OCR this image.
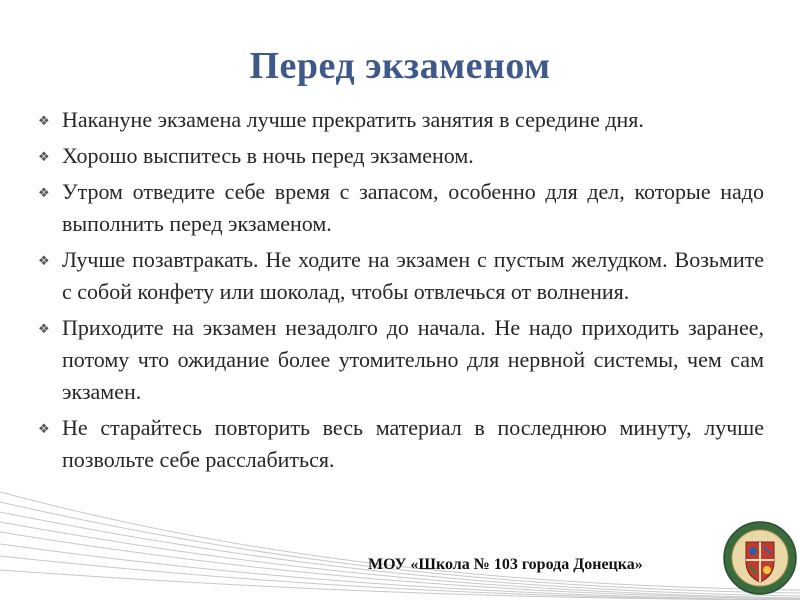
Перед экзаменом
❖ Накануне экзамена лучше прекратить занятия в середине дня.
❖ Хорошо выспитесь в ночь перед экзаменом.
❖ Утром отведите себе время с запасом, особенно для дел, которые надо выполнить перед экзаменом.
❖ Лучше позавтракать. Не ходите на экзамен с пустым желудком. Возьмите с собой конфету или шоколад, чтобы отвлечься от волнения.
❖ Приходите на экзамен незадолго до начала. Не надо приходить заранее, потому что ожидание более утомительно для нервной системы, чем сам экзамен.
❖ Не старайтесь повторить весь материал в последнюю минуту, лучше позвольте себе расслабиться.
МОУ «Школа № 103 города Донецка»
